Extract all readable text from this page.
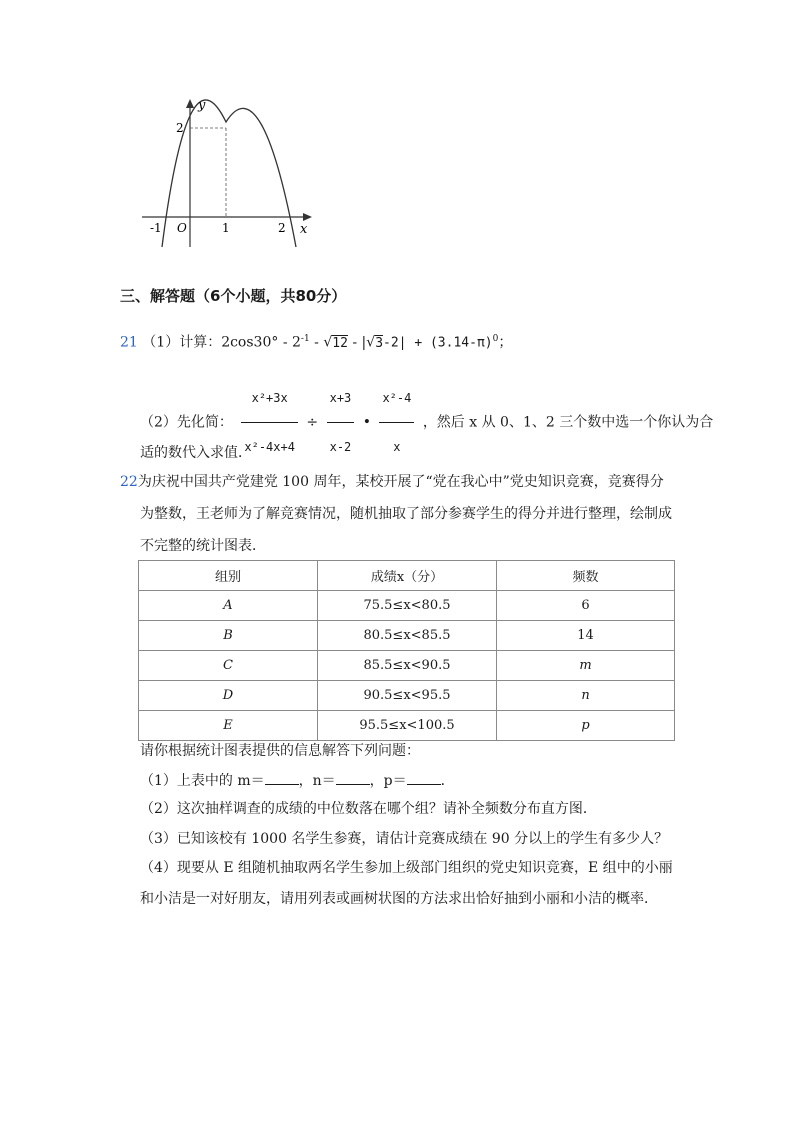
y
2
O
-1	1	2 x
三、解答题（6个小题，共80分）
21 （1）计算：$2\cos 30^\circ - 2^{-1} - √12 - |√3-2| + (3.14-\pi)^0$；
（2）先化简： $\frac{\text{x²+3x}}{\text{x²-4x+4}} \div \frac{x+3}{x-2}$ • $\frac{\text{x²-4}}{x}$ ，然后 x 从 0、1、2 三个数中选一个你认为合
适的数代入求值．
22为庆祝中国共产党建党 100 周年，某校开展了“党在我心中”党史知识竞赛，竞赛得分
为整数，王老师为了解竞赛情况，随机抽取了部分参赛学生的得分并进行整理，绘制成
不完整的统计图表．
组别	成绩x（分）	频数
A	75.5≤x<80.5	6
B	80.5≤x<85.5	14
C	85.5≤x<90.5	m
D	90.5≤x<95.5	n
E	95.5≤x<100.5	p
请你根据统计图表提供的信息解答下列问题：
（1）上表中的 m＝ ，n＝ ，p＝ ．
（2）这次抽样调查的成绩的中位数落在哪个组？请补全频数分布直方图．
（3）已知该校有 1000 名学生参赛，请估计竞赛成绩在 90 分以上的学生有多少人？
（4）现要从 E 组随机抽取两名学生参加上级部门组织的党史知识竞赛，E 组中的小丽
和小洁是一对好朋友，请用列表或画树状图的方法求出恰好抽到小丽和小洁的概率．
